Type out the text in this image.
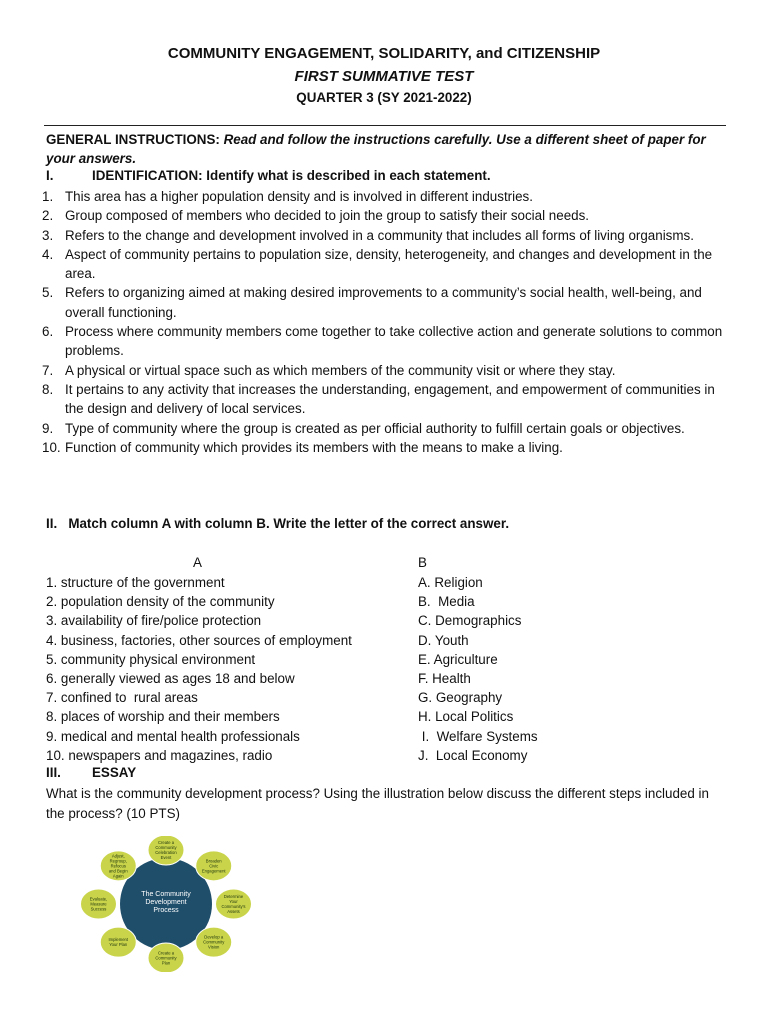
COMMUNITY ENGAGEMENT, SOLIDARITY, and CITIZENSHIP
FIRST SUMMATIVE TEST
QUARTER 3 (SY 2021-2022)
GENERAL INSTRUCTIONS: Read and follow the instructions carefully. Use a different sheet of paper for your answers.
I.	IDENTIFICATION: Identify what is described in each statement.
1. This area has a higher population density and is involved in different industries.
2. Group composed of members who decided to join the group to satisfy their social needs.
3. Refers to the change and development involved in a community that includes all forms of living organisms.
4. Aspect of community pertains to population size, density, heterogeneity, and changes and development in the area.
5. Refers to organizing aimed at making desired improvements to a community’s social health, well-being, and overall functioning.
6. Process where community members come together to take collective action and generate solutions to common problems.
7. A physical or virtual space such as which members of the community visit or where they stay.
8. It pertains to any activity that increases the understanding, engagement, and empowerment of communities in the design and delivery of local services.
9. Type of community where the group is created as per official authority to fulfill certain goals or objectives.
10. Function of community which provides its members with the means to make a living.
II.   Match column A with column B. Write the letter of the correct answer.
A	B
1. structure of the government
2. population density of the community
3. availability of fire/police protection
4. business, factories, other sources of employment
5. community physical environment
6. generally viewed as ages 18 and below
7. confined to  rural areas
8. places of worship and their members
9. medical and mental health professionals
10. newspapers and magazines, radio
A. Religion
B.  Media
C. Demographics
D. Youth
E. Agriculture
F. Health
G. Geography
H. Local Politics
I.  Welfare Systems
J.  Local Economy
III. ESSAY
What is the community development process? Using the illustration below discuss the different steps included in the process? (10 PTS)
The Community Development Process
Create a Community Celebration Event
Broaden Civic Engagement
Determine Your Community's Assets
Develop a Community Vision
Create a Community Plan
Implement Your Plan
Evaluate, Measure Success
Adjust, Regroup, Refocus and Begin Again
